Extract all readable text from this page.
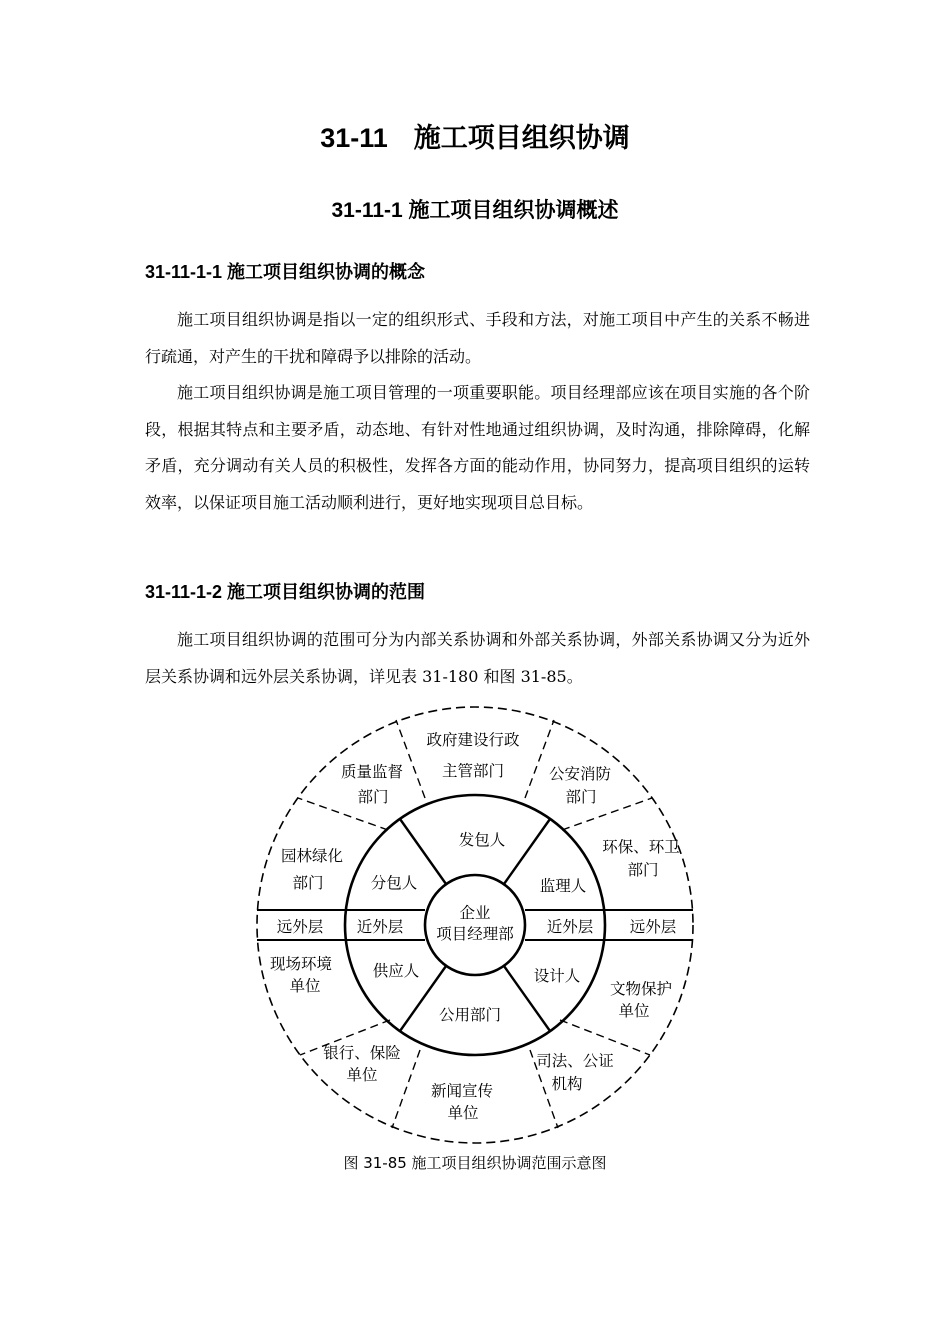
31-11 施工项目组织协调
31-11-1 施工项目组织协调概述
31-11-1-1 施工项目组织协调的概念

施工项目组织协调是指以一定的组织形式、手段和方法，对施工项目中产生的关系不畅进行疏通，对产生的干扰和障碍予以排除的活动。

施工项目组织协调是施工项目管理的一项重要职能。项目经理部应该在项目实施的各个阶段，根据其特点和主要矛盾，动态地、有针对性地通过组织协调，及时沟通，排除障碍，化解矛盾，充分调动有关人员的积极性，发挥各方面的能动作用，协同努力，提高项目组织的运转效率，以保证项目施工活动顺利进行，更好地实现项目总目标。

31-11-1-2 施工项目组织协调的范围

施工项目组织协调的范围可分为内部关系协调和外部关系协调，外部关系协调又分为近外层关系协调和远外层关系协调，详见表 31-180 和图 31-85。

企业
项目经理部
发包人
监理人
近外层
设计人
公用部门
供应人
近外层
分包人
政府建设行政
主管部门	公安消防
部门
环保、环卫
部门
远外层
文物保护
单位
司法、公证
机构
新闻宣传
单位
银行、保险
单位
现场环境
单位
远外层
园林绿化
部门
质量监督
部门
图 31-85 施工项目组织协调范围示意图
